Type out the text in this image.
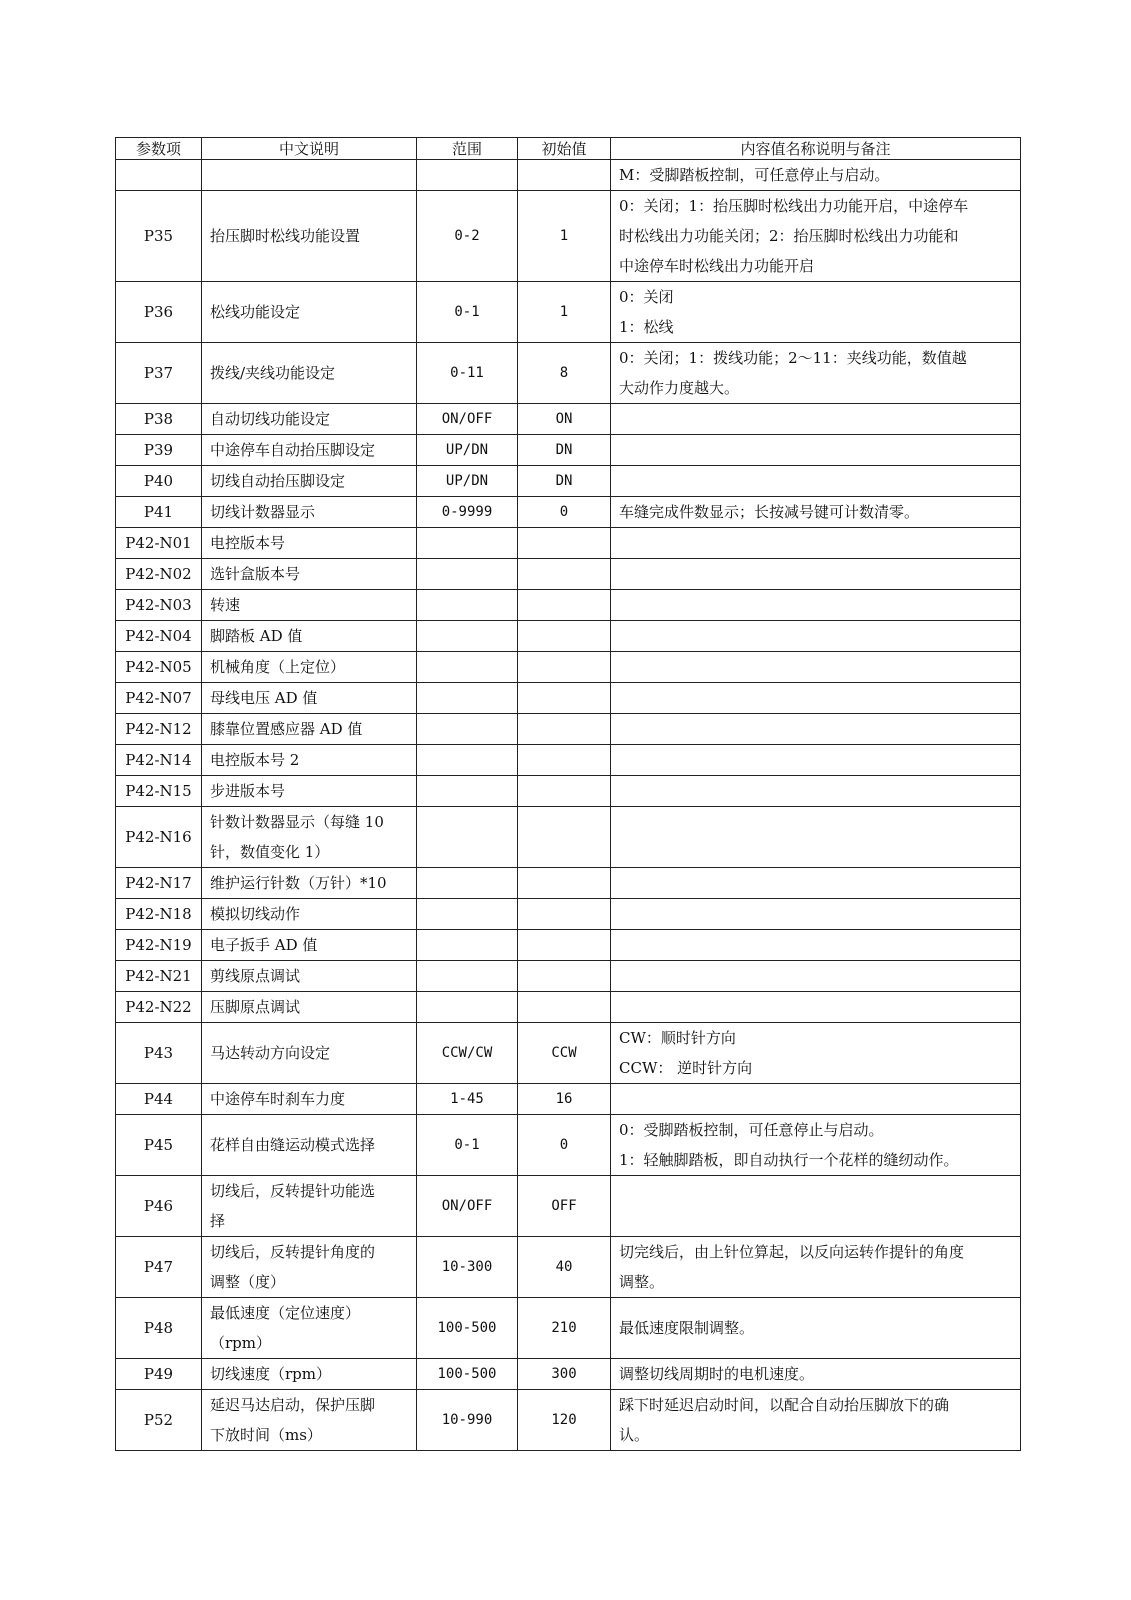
参数项	中文说明	范围	初始值	内容值名称说明与备注
				M：受脚踏板控制，可任意停止与启动。
P35	抬压脚时松线功能设置	0-2	1	0：关闭；1：抬压脚时松线出力功能开启，中途停车
时松线出力功能关闭；2：抬压脚时松线出力功能和
中途停车时松线出力功能开启
P36	松线功能设定	0-1	1	0：关闭
1：松线
P37	拨线/夹线功能设定	0-11	8	0：关闭；1：拨线功能；2～11：夹线功能，数值越
大动作力度越大。
P38	自动切线功能设定	ON/OFF	ON	
P39	中途停车自动抬压脚设定	UP/DN	DN	
P40	切线自动抬压脚设定	UP/DN	DN	
P41	切线计数器显示	0-9999	0	车缝完成件数显示；长按减号键可计数清零。
P42-N01	电控版本号			
P42-N02	选针盒版本号			
P42-N03	转速			
P42-N04	脚踏板 AD 值			
P42-N05	机械角度（上定位）			
P42-N07	母线电压 AD 值			
P42-N12	膝靠位置感应器 AD 值			
P42-N14	电控版本号 2			
P42-N15	步进版本号			
P42-N16	针数计数器显示（每缝 10
针，数值变化 1）			
P42-N17	维护运行针数（万针）*10			
P42-N18	模拟切线动作			
P42-N19	电子扳手 AD 值			
P42-N21	剪线原点调试			
P42-N22	压脚原点调试			
P43	马达转动方向设定	CCW/CW	CCW	CW：顺时针方向
CCW： 逆时针方向
P44	中途停车时刹车力度	1-45	16	
P45	花样自由缝运动模式选择	0-1	0	0：受脚踏板控制，可任意停止与启动。
1：轻触脚踏板，即自动执行一个花样的缝纫动作。
P46	切线后，反转提针功能选
择	ON/OFF	OFF	
P47	切线后，反转提针角度的
调整（度）	10-300	40	切完线后，由上针位算起，以反向运转作提针的角度
调整。
P48	最低速度（定位速度）
（rpm）	100-500	210	最低速度限制调整。
P49	切线速度（rpm）	100-500	300	调整切线周期时的电机速度。
P52	延迟马达启动，保护压脚
下放时间（ms）	10-990	120	踩下时延迟启动时间，以配合自动抬压脚放下的确
认。
